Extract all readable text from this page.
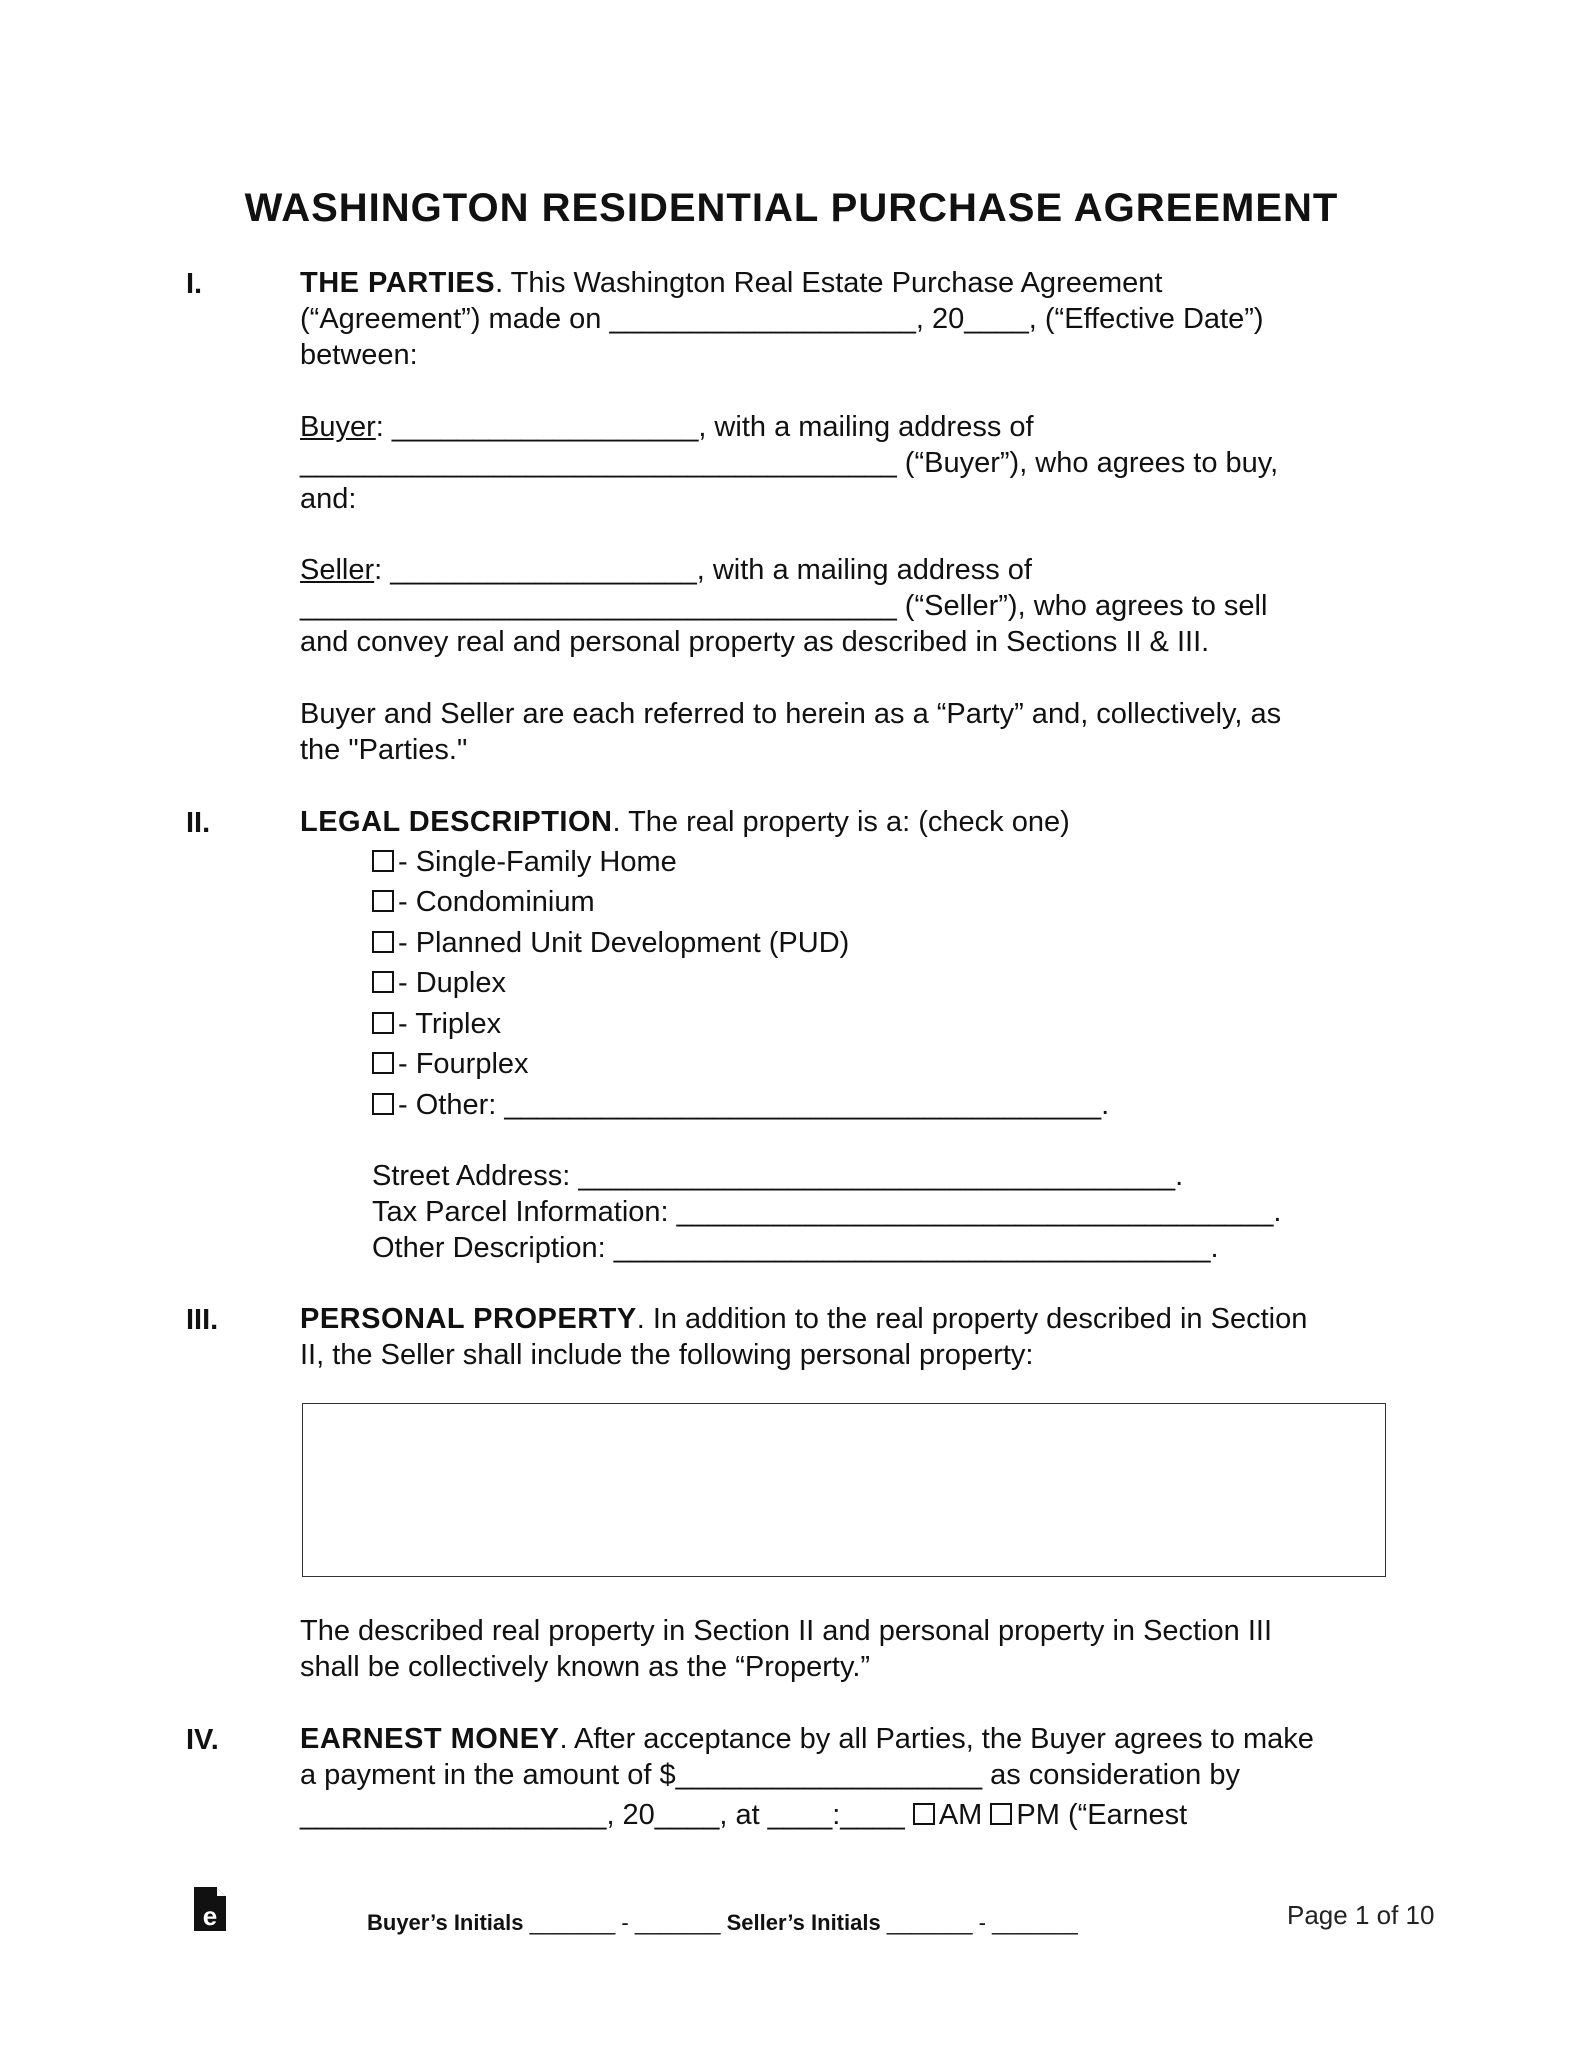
WASHINGTON RESIDENTIAL PURCHASE AGREEMENT
I.	THE PARTIES. This Washington Real Estate Purchase Agreement
(“Agreement”) made on ___________________, 20____, (“Effective Date”)
between:
Buyer: ___________________, with a mailing address of
_____________________________________ (“Buyer”), who agrees to buy,
and:
Seller: ___________________, with a mailing address of
_____________________________________ (“Seller”), who agrees to sell
and convey real and personal property as described in Sections II & III.
Buyer and Seller are each referred to herein as a “Party” and, collectively, as
the "Parties."
II.	LEGAL DESCRIPTION. The real property is a: (check one)
- Single-Family Home
- Condominium
- Planned Unit Development (PUD)
- Duplex
- Triplex
- Fourplex
- Other: _____________________________________.
Street Address: _____________________________________.
Tax Parcel Information: _____________________________________.
Other Description: _____________________________________.
III.	PERSONAL PROPERTY. In addition to the real property described in Section
II, the Seller shall include the following personal property:
The described real property in Section II and personal property in Section III
shall be collectively known as the “Property.”
IV.	EARNEST MONEY. After acceptance by all Parties, the Buyer agrees to make
a payment in the amount of $___________________ as consideration by
___________________, 20____, at ____:____ AM PM (“Earnest
e	Buyer’s Initials _______ - _______ Seller’s Initials _______ - _______	Page 1 of 10
